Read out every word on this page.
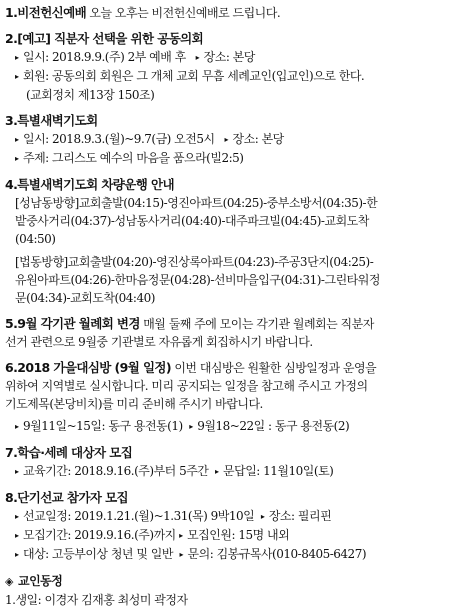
1.비전헌신예배 오늘 오후는 비전헌신예배로 드립니다.
2.[예고] 직분자 선택을 위한 공동의회
▸ 일시: 2018.9.9.(주) 2부 예배 후 ▸ 장소: 본당
▸ 회원: 공동의회 회원은 그 개체 교회 무흠 세례교인(입교인)으로 한다.
(교회정치 제13장 150조)
3.특별새벽기도회
▸ 일시: 2018.9.3.(월)~9.7(금) 오전5시 ▸ 장소: 본당
▸ 주제: 그리스도 예수의 마음을 품으라(빌2:5)
4.특별새벽기도회 차량운행 안내
[성남동방향]교회출발(04:15)-영진아파트(04:25)-중부소방서(04:35)-한
밭중사거리(04:37)-성남동사거리(04:40)-대주파크빌(04:45)-교회도착
(04:50)
[법동방향]교회출발(04:20)-영진상록아파트(04:23)-주공3단지(04:25)-
유원아파트(04:26)-한마음정문(04:28)-선비마을입구(04:31)-그린타워정
문(04:34)-교회도착(04:40)
5.9월 각기관 월례회 변경 매월 둘째 주에 모이는 각기관 월례회는 직분자
선거 관련으로 9월중 기관별로 자유롭게 회집하시기 바랍니다.
6.2018 가을대심방 (9월 일정) 이번 대심방은 원활한 심방일정과 운영을
위하여 지역별로 실시합니다. 미리 공지되는 일정을 참고해 주시고 가정의
기도제목(본당비치)를 미리 준비해 주시기 바랍니다.
▸ 9월11일~15일: 동구 용전동(1) ▸ 9월18~22일 : 동구 용전동(2)
7.학습·세례 대상자 모집
▸ 교육기간: 2018.9.16.(주)부터 5주간 ▸ 문답일: 11월10일(토)
8.단기선교 참가자 모집
▸ 선교일정: 2019.1.21.(월)~1.31(목) 9박10일 ▸ 장소: 필리핀
▸ 모집기간: 2019.9.16.(주)까지 ▸ 모집인원: 15명 내외
▸ 대상: 고등부이상 청년 및 일반 ▸ 문의: 김봉규목사(010-8405-6427)
◈ 교인동정
1.생일: 이경자 김재홍 최성미 곽정자
